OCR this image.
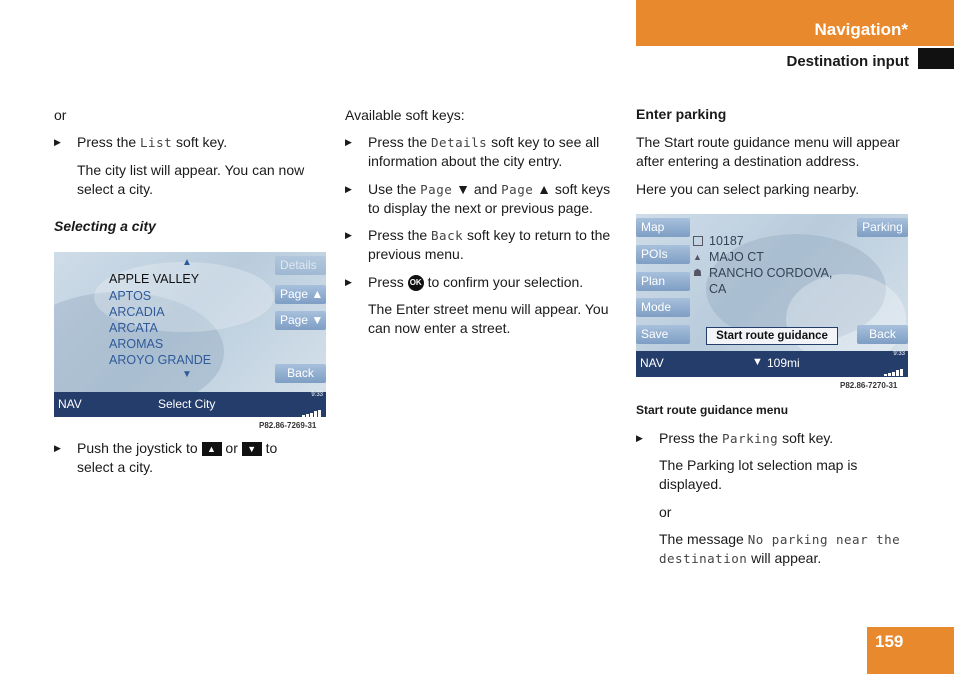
Navigation*
Destination input
or
▶ Press the List soft key.
The city list will appear. You can now select a city.
Selecting a city
▲
APPLE VALLEY
APTOS
ARCADIA
ARCATA
AROMAS
AROYO GRANDE
▼
Details
Page ▲
Page ▼
Back
NAV	Select City
9:33
P82.86-7269-31
▶ Push the joystick to ▲ or ▼ to
select a city.
Available soft keys:
▶ Press the Details soft key to see all
information about the city entry.
▶ Use the Page ▼ and Page ▲ soft keys
to display the next or previous page.
▶ Press the Back soft key to return to the
previous menu.
▶ Press OK to confirm your selection.
The Enter street menu will appear. You
can now enter a street.
Enter parking
The Start route guidance menu will appear
after entering a destination address.
Here you can select parking nearby.
Map
POIs
Plan
Mode
Save
Parking
Back
Start route guidance
▲
☗
10187
MAJO CT
RANCHO CORDOVA,
CA
NAV	▼ 109mi
9:33
P82.86-7270-31
Start route guidance menu
▶ Press the Parking soft key.
The Parking lot selection map is
displayed.
or
The message No parking near the
destination will appear.
159
